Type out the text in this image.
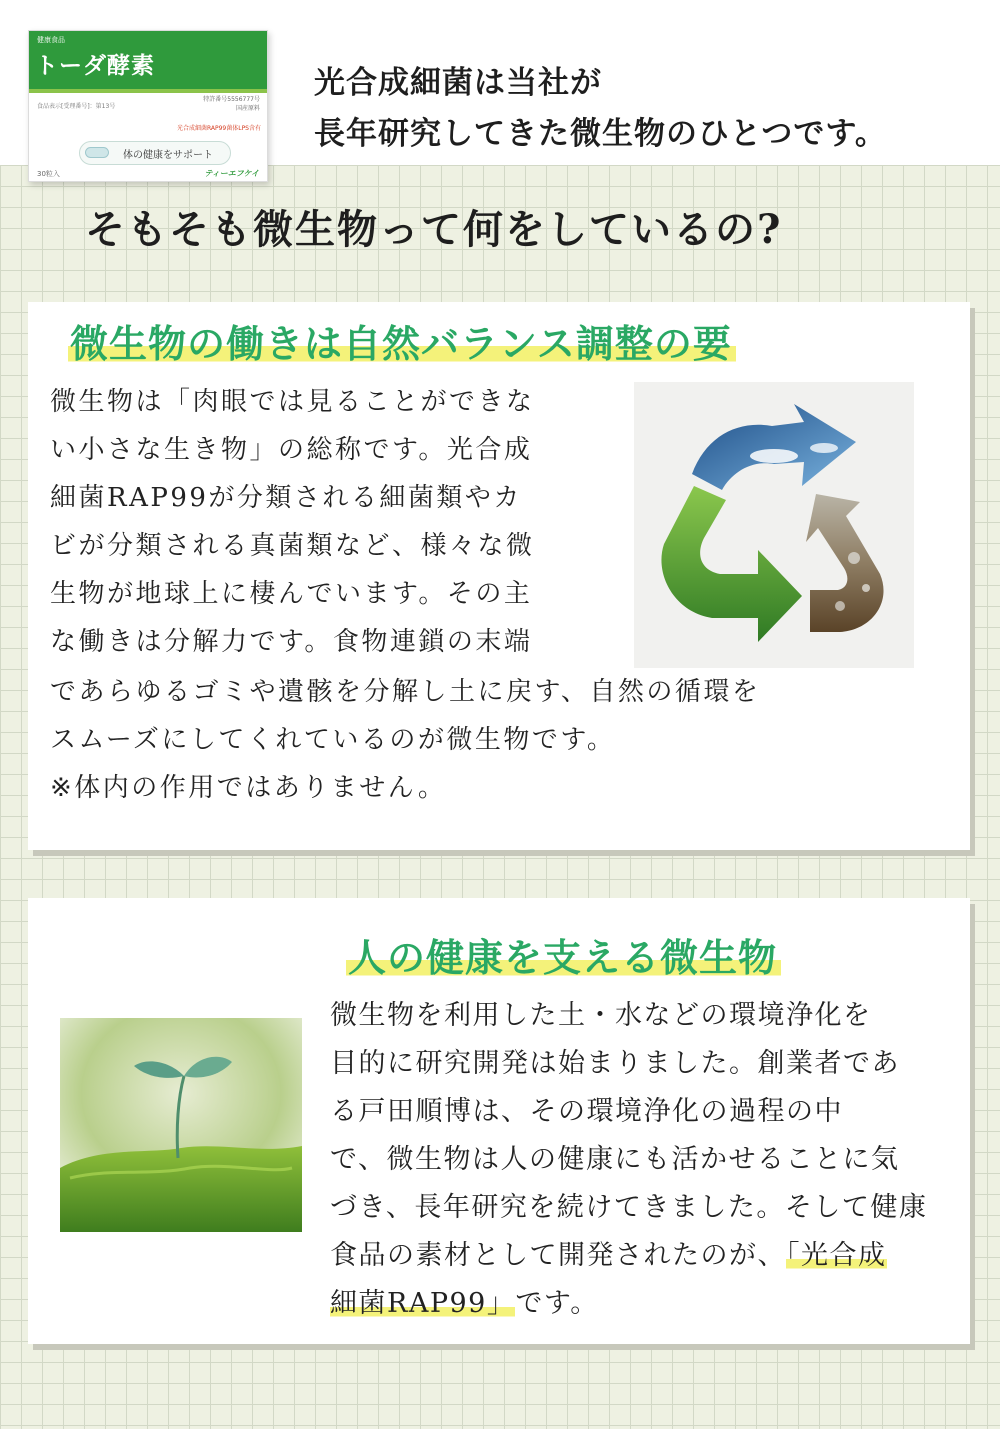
健康食品
トーダ酵素
食品表示[受理番号]：第13号
特許番号5556777号
国産原料
光合成細菌RAP99菌体LPS含有
体の健康をサポート
30粒入	ティーエフケイ

光合成細菌は当社が
長年研究してきた微生物のひとつです。

そもそも微生物って何をしているの?
微生物の働きは自然バランス調整の要

微生物は「肉眼では見ることができな
い小さな生き物」の総称です。光合成
細菌RAP99が分類される細菌類やカ
ビが分類される真菌類など、様々な微
生物が地球上に棲んでいます。その主
な働きは分解力です。食物連鎖の末端

であらゆるゴミや遺骸を分解し土に戻す、自然の循環を
スムーズにしてくれているのが微生物です。
※体内の作用ではありません。

人の健康を支える微生物

微生物を利用した土・水などの環境浄化を
目的に研究開発は始まりました。創業者であ
る戸田順博は、その環境浄化の過程の中
で、微生物は人の健康にも活かせることに気
づき、長年研究を続けてきました。そして健康
食品の素材として開発されたのが、「光合成
細菌RAP99」です。
